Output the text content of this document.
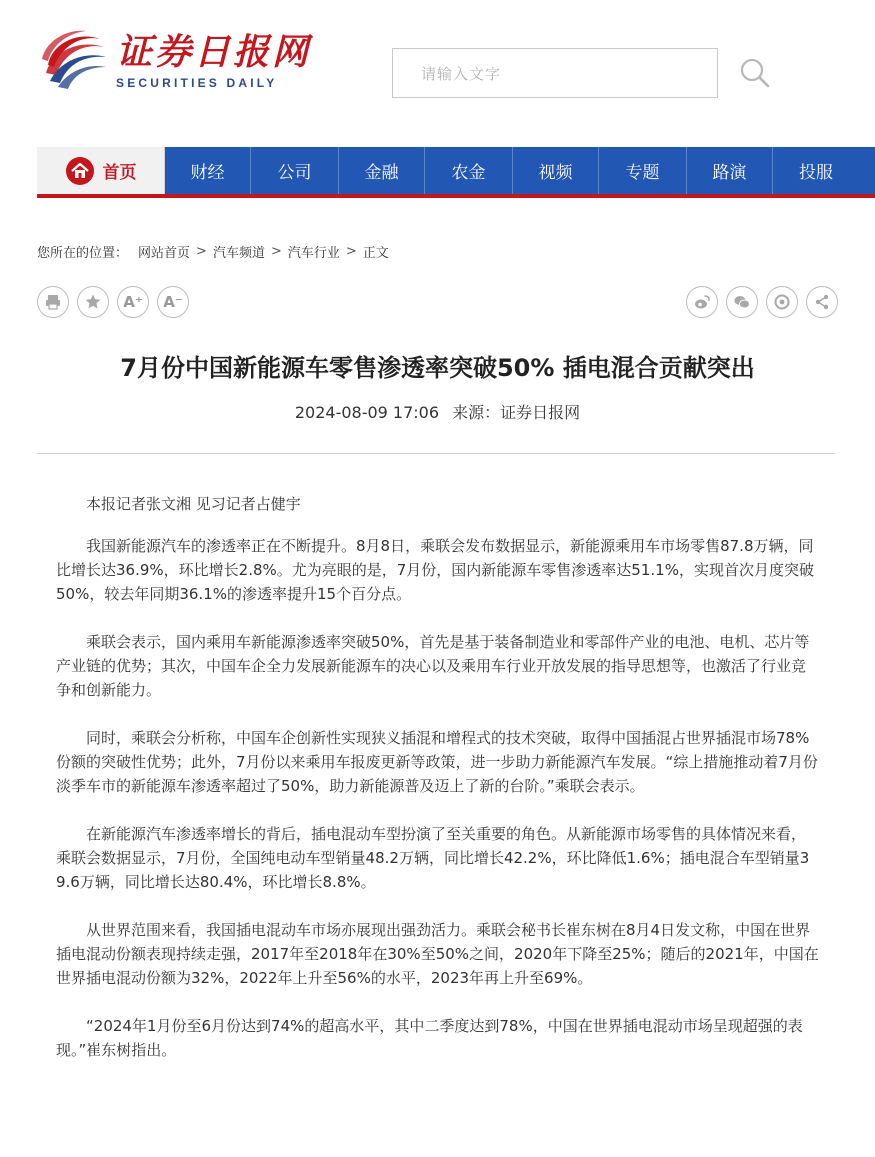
证券日报网
SECURITIES DAILY
请输入文字
首页	财经	公司	金融	农金	视频	专题	路演	投服
您所在的位置： 网站首页 > 汽车频道 > 汽车行业 > 正文
A⁺ A⁻
7月份中国新能源车零售渗透率突破50% 插电混合贡献突出
2024-08-09 17:06 来源：证券日报网

本报记者张文湘 见习记者占健宇

我国新能源汽车的渗透率正在不断提升。8月8日，乘联会发布数据显示，新能源乘用车市场零售87.8万辆，同比增长达36.9%，环比增长2.8%。尤为亮眼的是，7月份，国内新能源车零售渗透率达51.1%，实现首次月度突破50%，较去年同期36.1%的渗透率提升15个百分点。

乘联会表示，国内乘用车新能源渗透率突破50%，首先是基于装备制造业和零部件产业的电池、电机、芯片等产业链的优势；其次，中国车企全力发展新能源车的决心以及乘用车行业开放发展的指导思想等，也激活了行业竞争和创新能力。

同时，乘联会分析称，中国车企创新性实现狭义插混和增程式的技术突破，取得中国插混占世界插混市场78%份额的突破性优势；此外，7月份以来乘用车报废更新等政策，进一步助力新能源汽车发展。“综上措施推动着7月份淡季车市的新能源车渗透率超过了50%，助力新能源普及迈上了新的台阶。”乘联会表示。

在新能源汽车渗透率增长的背后，插电混动车型扮演了至关重要的角色。从新能源市场零售的具体情况来看，乘联会数据显示，7月份，全国纯电动车型销量48.2万辆，同比增长42.2%，环比降低1.6%；插电混合车型销量39.6万辆，同比增长达80.4%，环比增长8.8%。

从世界范围来看，我国插电混动车市场亦展现出强劲活力。乘联会秘书长崔东树在8月4日发文称，中国在世界插电混动份额表现持续走强，2017年至2018年在30%至50%之间，2020年下降至25%；随后的2021年，中国在世界插电混动份额为32%，2022年上升至56%的水平，2023年再上升至69%。

“2024年1月份至6月份达到74%的超高水平，其中二季度达到78%，中国在世界插电混动市场呈现超强的表现。”崔东树指出。
